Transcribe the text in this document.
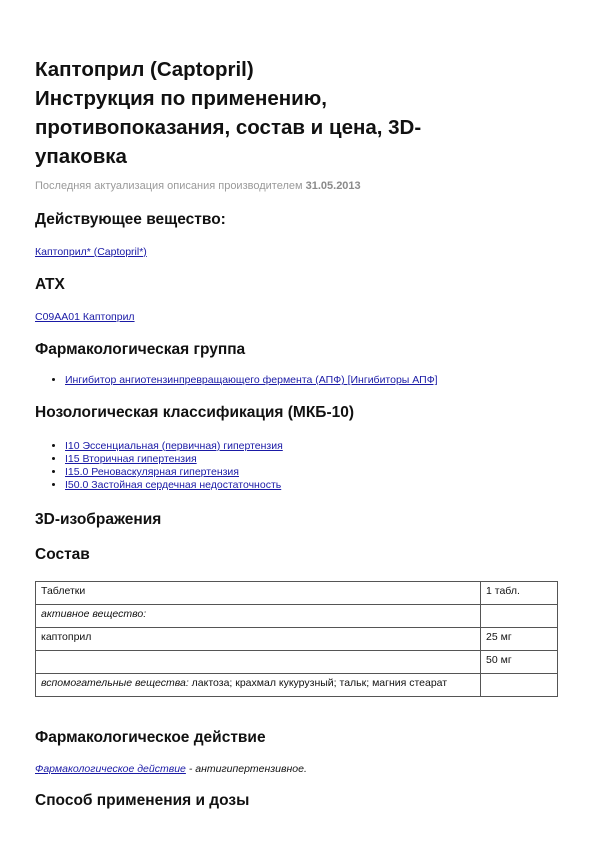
Каптоприл (Captopril)
Инструкция по применению,
противопоказания, состав и цена, 3D-
упаковка
Последняя актуализация описания производителем 31.05.2013
Действующее вещество:
Каптоприл* (Captopril*)
ATX
C09AA01 Каптоприл
Фармакологическая группа
• Ингибитор ангиотензинпревращающего фермента (АПФ) [Ингибиторы АПФ]
Нозологическая классификация (МКБ-10)
• I10 Эссенциальная (первичная) гипертензия
• I15 Вторичная гипертензия
• I15.0 Реноваскулярная гипертензия
• I50.0 Застойная сердечная недостаточность
3D-изображения
Состав
Таблетки	1 табл.
активное вещество:	
каптоприл	25 мг
	50 мг
вспомогательные вещества: лактоза; крахмал кукурузный; тальк; магния стеарат	
Фармакологическое действие
Фармакологическое действие - антигипертензивное.
Способ применения и дозы
